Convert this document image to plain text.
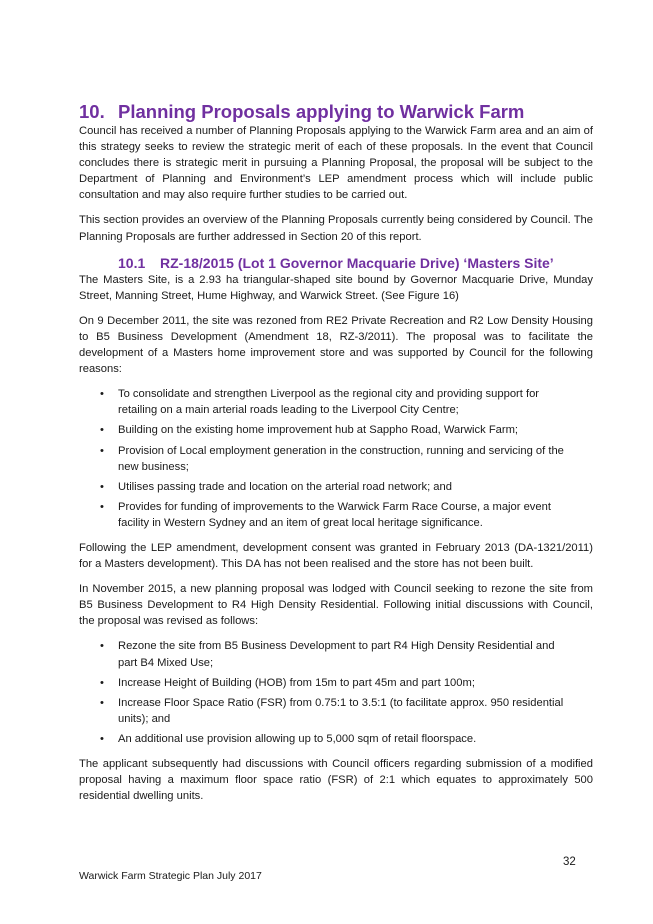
10. Planning Proposals applying to Warwick Farm

Council has received a number of Planning Proposals applying to the Warwick Farm area and an aim of this strategy seeks to review the strategic merit of each of these proposals. In the event that Council concludes there is strategic merit in pursuing a Planning Proposal, the proposal will be subject to the Department of Planning and Environment’s LEP amendment process which will include public consultation and may also require further studies to be carried out.

This section provides an overview of the Planning Proposals currently being considered by Council. The Planning Proposals are further addressed in Section 20 of this report.

10.1 RZ-18/2015 (Lot 1 Governor Macquarie Drive) ‘Masters Site’

The Masters Site, is a 2.93 ha triangular-shaped site bound by Governor Macquarie Drive, Munday Street, Manning Street, Hume Highway, and Warwick Street. (See Figure 16)

On 9 December 2011, the site was rezoned from RE2 Private Recreation and R2 Low Density Housing to B5 Business Development (Amendment 18, RZ-3/2011). The proposal was to facilitate the development of a Masters home improvement store and was supported by Council for the following reasons:

• To consolidate and strengthen Liverpool as the regional city and providing support for retailing on a main arterial roads leading to the Liverpool City Centre;
• Building on the existing home improvement hub at Sappho Road, Warwick Farm;
• Provision of Local employment generation in the construction, running and servicing of the new business;
• Utilises passing trade and location on the arterial road network; and
• Provides for funding of improvements to the Warwick Farm Race Course, a major event facility in Western Sydney and an item of great local heritage significance.

Following the LEP amendment, development consent was granted in February 2013 (DA-1321/2011) for a Masters development). This DA has not been realised and the store has not been built.

In November 2015, a new planning proposal was lodged with Council seeking to rezone the site from B5 Business Development to R4 High Density Residential. Following initial discussions with Council, the proposal was revised as follows:

• Rezone the site from B5 Business Development to part R4 High Density Residential and part B4 Mixed Use;
• Increase Height of Building (HOB) from 15m to part 45m and part 100m;
• Increase Floor Space Ratio (FSR) from 0.75:1 to 3.5:1 (to facilitate approx. 950 residential units); and
• An additional use provision allowing up to 5,000 sqm of retail floorspace.

The applicant subsequently had discussions with Council officers regarding submission of a modified proposal having a maximum floor space ratio (FSR) of 2:1 which equates to approximately 500 residential dwelling units.

32
Warwick Farm Strategic Plan July 2017
